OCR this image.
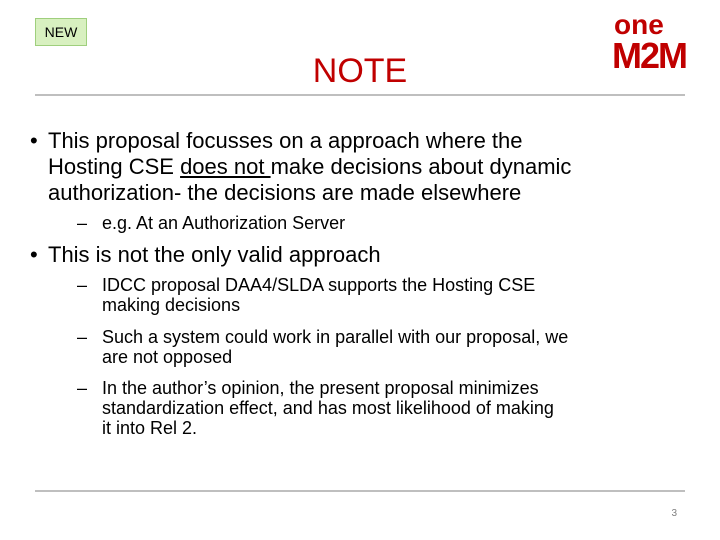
NEW	one
M2M
NOTE
• This proposal focusses on a approach where the
Hosting CSE does not make decisions about dynamic
authorization- the decisions are made elsewhere
– e.g. At an Authorization Server
• This is not the only valid approach
– IDCC proposal DAA4/SLDA supports the Hosting CSE
making decisions
– Such a system could work in parallel with our proposal, we
are not opposed
– In the author’s opinion, the present proposal minimizes
standardization effect, and has most likelihood of making
it into Rel 2.
3
